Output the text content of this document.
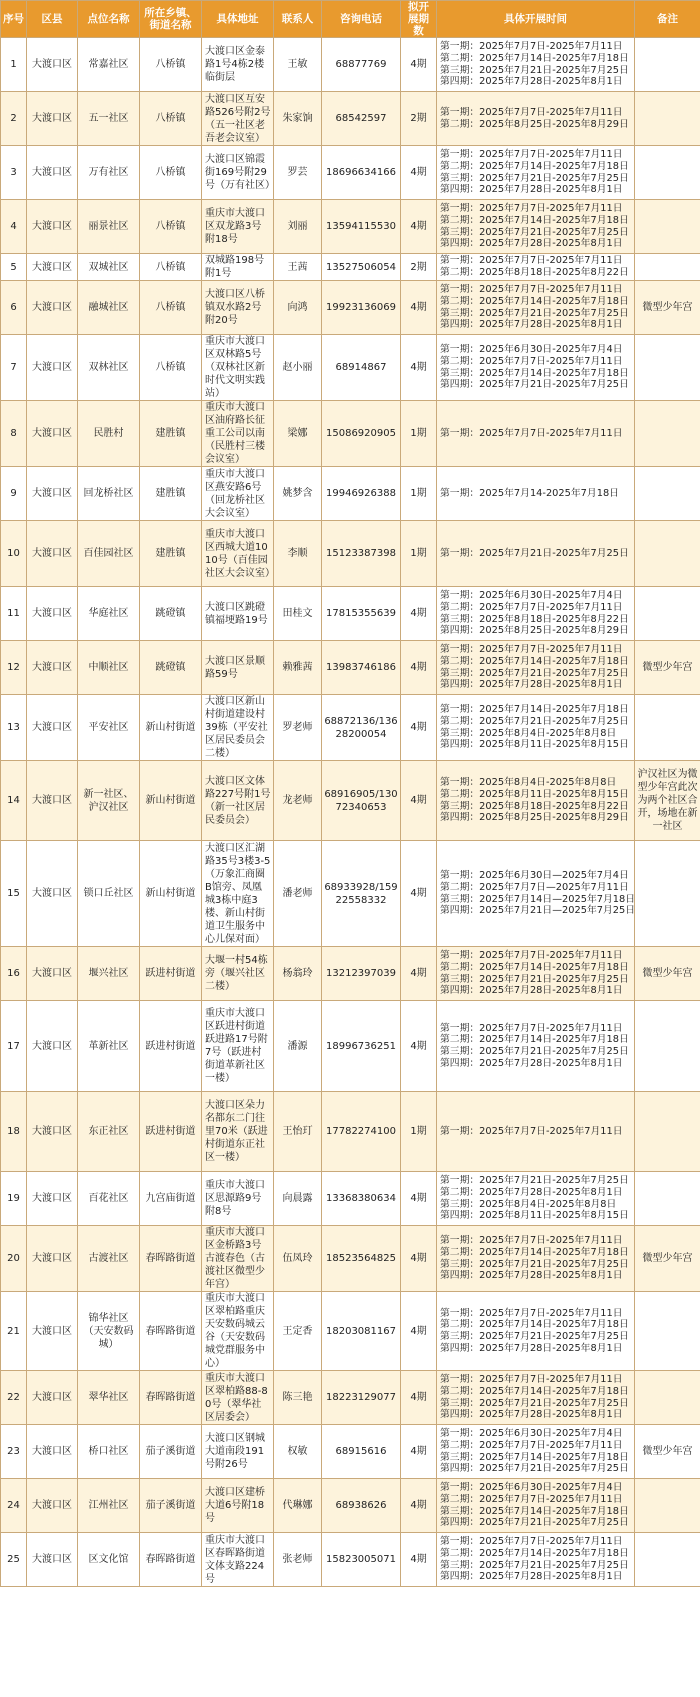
序号	区县	点位名称	所在乡镇、街道名称	具体地址	联系人	咨询电话	拟开展期数	具体开展时间	备注
1	大渡口区	常嘉社区	八桥镇	大渡口区金泰路1号4栋2楼临街层	王敏	68877769	4期	第一期：2025年7月7日-2025年7月11日
第二期：2025年7月14日-2025年7月18日
第三期：2025年7月21日-2025年7月25日
第四期：2025年7月28日-2025年8月1日	

2	大渡口区	五一社区	八桥镇	大渡口区互安路526号附2号（五一社区老吾老会议室）	朱家饷	68542597	2期	第一期：2025年7月7日-2025年7月11日
第二期：2025年8月25日-2025年8月29日	

3	大渡口区	万有社区	八桥镇	大渡口区锦霞街169号附29号（万有社区）	罗芸	18696634166	4期	第一期：2025年7月7日-2025年7月11日
第二期：2025年7月14日-2025年7月18日
第三期：2025年7月21日-2025年7月25日
第四期：2025年7月28日-2025年8月1日	

4	大渡口区	丽景社区	八桥镇	重庆市大渡口区双龙路3号附18号	刘丽	13594115530	4期	第一期：2025年7月7日-2025年7月11日
第二期：2025年7月14日-2025年7月18日
第三期：2025年7月21日-2025年7月25日
第四期：2025年7月28日-2025年8月1日	

5	大渡口区	双城社区	八桥镇	双城路198号附1号	王茜	13527506054	2期	第一期：2025年7月7日-2025年7月11日
第二期：2025年8月18日-2025年8月22日	

6	大渡口区	融城社区	八桥镇	大渡口区八桥镇双水路2号附20号	向鸿	19923136069	4期	第一期：2025年7月7日-2025年7月11日
第二期：2025年7月14日-2025年7月18日
第三期：2025年7月21日-2025年7月25日
第四期：2025年7月28日-2025年8月1日	微型少年宫
7	大渡口区	双林社区	八桥镇	重庆市大渡口区双林路5号（双林社区新时代文明实践站）	赵小丽	68914867	4期	第一期：2025年6月30日-2025年7月4日
第二期：2025年7月7日-2025年7月11日
第三期：2025年7月14日-2025年7月18日
第四期：2025年7月21日-2025年7月25日	

8	大渡口区	民胜村	建胜镇	重庆市大渡口区油府路长征重工公司以南（民胜村三楼会议室）	梁娜	15086920905	1期	第一期：2025年7月7日-2025年7月11日	

9	大渡口区	回龙桥社区	建胜镇	重庆市大渡口区燕安路6号（回龙桥社区大会议室）	姚梦含	19946926388	1期	第一期：2025年7月14-2025年7月18日	

10	大渡口区	百佳园社区	建胜镇	重庆市大渡口区西城大道1010号（百佳园社区大会议室）	李顺	15123387398	1期	第一期：2025年7月21日-2025年7月25日	

11	大渡口区	华庭社区	跳磴镇	大渡口区跳磴镇福埂路19号	田桂文	17815355639	4期	第一期：2025年6月30日-2025年7月4日
第二期：2025年7月7日-2025年7月11日
第三期：2025年8月18日-2025年8月22日
第四期：2025年8月25日-2025年8月29日	

12	大渡口区	中顺社区	跳磴镇	大渡口区景顺路59号	赖雅茜	13983746186	4期	第一期：2025年7月7日-2025年7月11日
第二期：2025年7月14日-2025年7月18日
第三期：2025年7月21日-2025年7月25日
第四期：2025年7月28日-2025年8月1日	微型少年宫
13	大渡口区	平安社区	新山村街道	大渡口区新山村街道建设村39栋（平安社区居民委员会二楼）	罗老师	68872136/13628200054	4期	第一期：2025年7月14日-2025年7月18日
第二期：2025年7月21日-2025年7月25日
第三期：2025年8月4日-2025年8月8日
第四期：2025年8月11日-2025年8月15日	

14	大渡口区	新一社区、沪汉社区	新山村街道	大渡口区文体路227号附1号（新一社区居民委员会）	龙老师	68916905/13072340653	4期	第一期：2025年8月4日-2025年8月8日
第二期：2025年8月11日-2025年8月15日
第三期：2025年8月18日-2025年8月22日
第四期：2025年8月25日-2025年8月29日	沪汉社区为微型少年宫此次为两个社区合开，场地在新一社区
15	大渡口区	锁口丘社区	新山村街道	大渡口区汇湖路35号3楼3-5（万象汇商圈B馆旁、凤凰城3栋中庭3楼、新山村街道卫生服务中心儿保对面）	潘老师	68933928/15922558332	4期	第一期：2025年6月30日—2025年7月4日
第二期：2025年7月7日—2025年7月11日
第三期：2025年7月14日—2025年7月18日
第四期：2025年7月21日—2025年7月25日	

16	大渡口区	堰兴社区	跃进村街道	大堰一村54栋旁（堰兴社区二楼）	杨翁玲	13212397039	4期	第一期：2025年7月7日-2025年7月11日
第二期：2025年7月14日-2025年7月18日
第三期：2025年7月21日-2025年7月25日
第四期：2025年7月28日-2025年8月1日	微型少年宫
17	大渡口区	革新社区	跃进村街道	重庆市大渡口区跃进村街道跃进路17号附7号（跃进村街道革新社区一楼）	潘源	18996736251	4期	第一期：2025年7月7日-2025年7月11日
第二期：2025年7月14日-2025年7月18日
第三期：2025年7月21日-2025年7月25日
第四期：2025年7月28日-2025年8月1日	

18	大渡口区	东正社区	跃进村街道	大渡口区朵力名都东二门往里70米（跃进村街道东正社区一楼）	王怡玎	17782274100	1期	第一期：2025年7月7日-2025年7月11日	

19	大渡口区	百花社区	九宫庙街道	重庆市大渡口区思源路9号附8号	向晨露	13368380634	4期	第一期：2025年7月21日-2025年7月25日
第二期：2025年7月28日-2025年8月1日
第三期：2025年8月4日-2025年8月8日
第四期：2025年8月11日-2025年8月15日	

20	大渡口区	古渡社区	春晖路街道	重庆市大渡口区金桥路3号古渡春色（古渡社区微型少年宫）	伍凤玲	18523564825	4期	第一期：2025年7月7日-2025年7月11日
第二期：2025年7月14日-2025年7月18日
第三期：2025年7月21日-2025年7月25日
第四期：2025年7月28日-2025年8月1日	微型少年宫
21	大渡口区	锦华社区（天安数码城）	春晖路街道	重庆市大渡口区翠柏路重庆天安数码城云谷（天安数码城党群服务中心）	王定香	18203081167	4期	第一期：2025年7月7日-2025年7月11日
第二期：2025年7月14日-2025年7月18日
第三期：2025年7月21日-2025年7月25日
第四期：2025年7月28日-2025年8月1日	

22	大渡口区	翠华社区	春晖路街道	重庆市大渡口区翠柏路88-80号（翠华社区居委会）	陈三艳	18223129077	4期	第一期：2025年7月7日-2025年7月11日
第二期：2025年7月14日-2025年7月18日
第三期：2025年7月21日-2025年7月25日
第四期：2025年7月28日-2025年8月1日	

23	大渡口区	桥口社区	茄子溪街道	大渡口区钢城大道南段191号附26号	权敏	68915616	4期	第一期：2025年6月30日-2025年7月4日
第二期：2025年7月7日-2025年7月11日
第三期：2025年7月14日-2025年7月18日
第四期：2025年7月21日-2025年7月25日	微型少年宫
24	大渡口区	江州社区	茄子溪街道	大渡口区建桥大道6号附18号	代琳娜	68938626	4期	第一期：2025年6月30日-2025年7月4日
第二期：2025年7月7日-2025年7月11日
第三期：2025年7月14日-2025年7月18日
第四期：2025年7月21日-2025年7月25日	

25	大渡口区	区文化馆	春晖路街道	重庆市大渡口区春晖路街道文体支路224号	张老师	15823005071	4期	第一期：2025年7月7日-2025年7月11日
第二期：2025年7月14日-2025年7月18日
第三期：2025年7月21日-2025年7月25日
第四期：2025年7月28日-2025年8月1日	
